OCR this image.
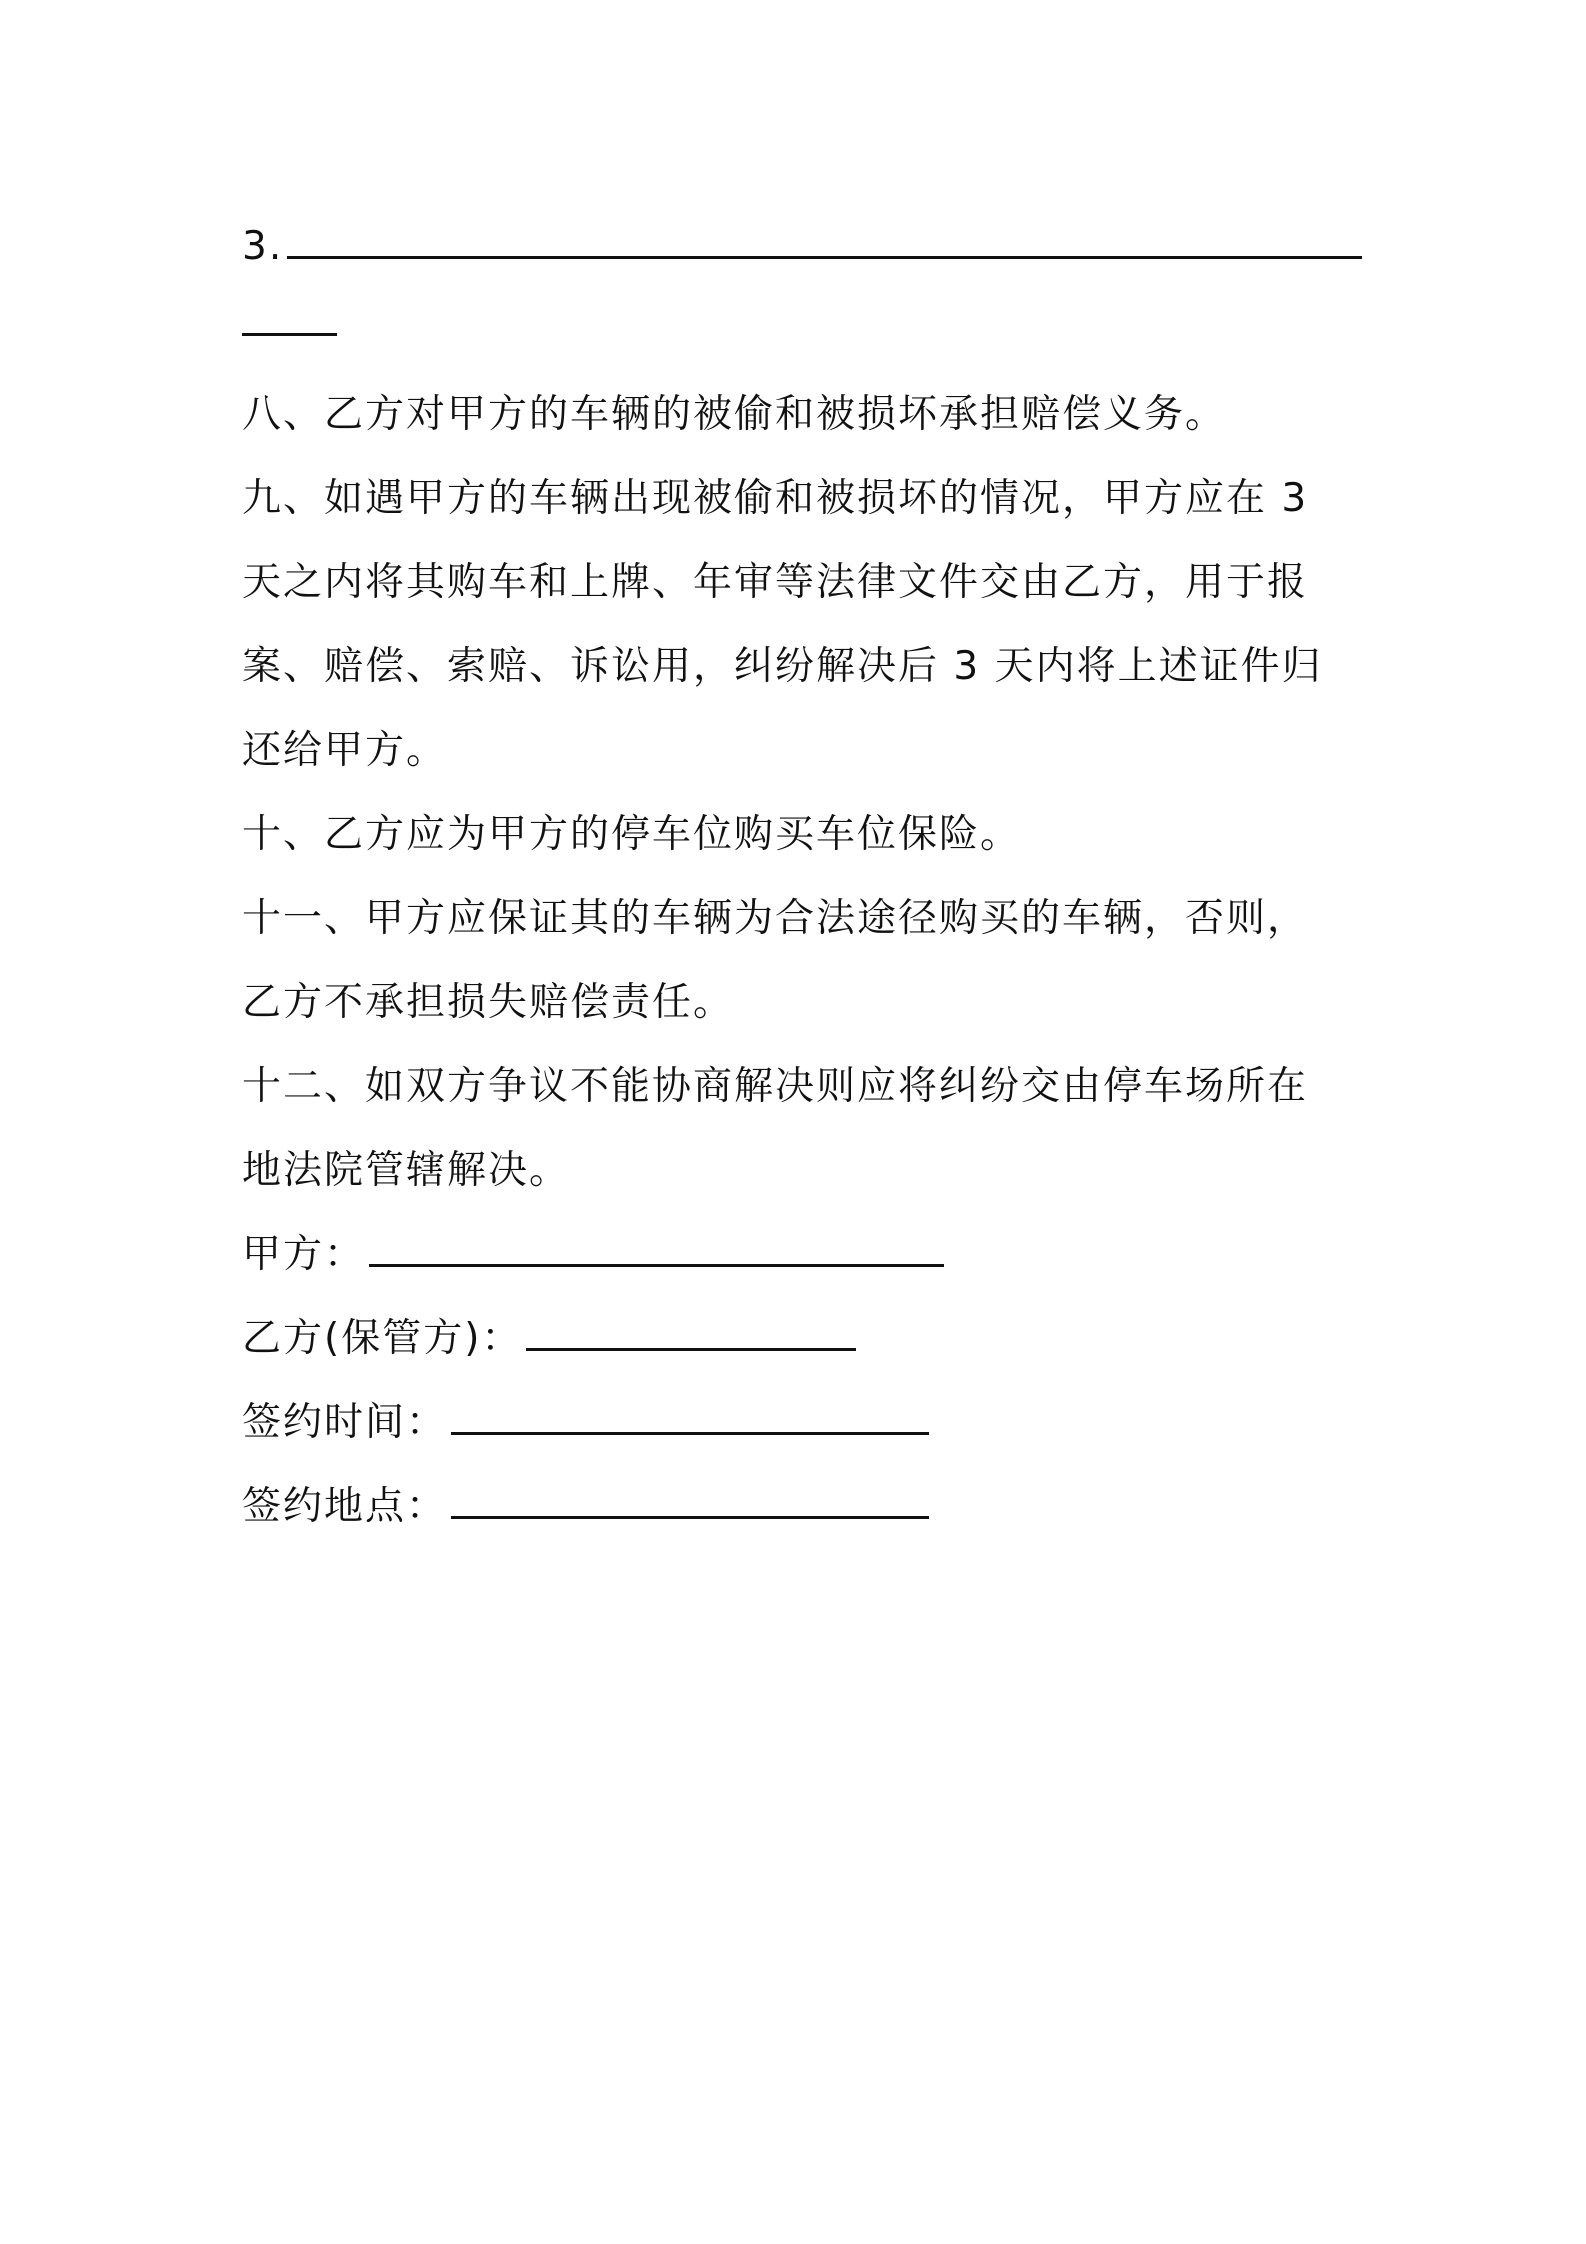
3.
八、乙方对甲方的车辆的被偷和被损坏承担赔偿义务。
九、如遇甲方的车辆出现被偷和被损坏的情况，甲方应在 3
天之内将其购车和上牌、年审等法律文件交由乙方，用于报
案、赔偿、索赔、诉讼用，纠纷解决后 3 天内将上述证件归
还给甲方。
十、乙方应为甲方的停车位购买车位保险。
十一、甲方应保证其的车辆为合法途径购买的车辆，否则，
乙方不承担损失赔偿责任。
十二、如双方争议不能协商解决则应将纠纷交由停车场所在
地法院管辖解决。
甲方：
乙方(保管方)：
签约时间：
签约地点：
